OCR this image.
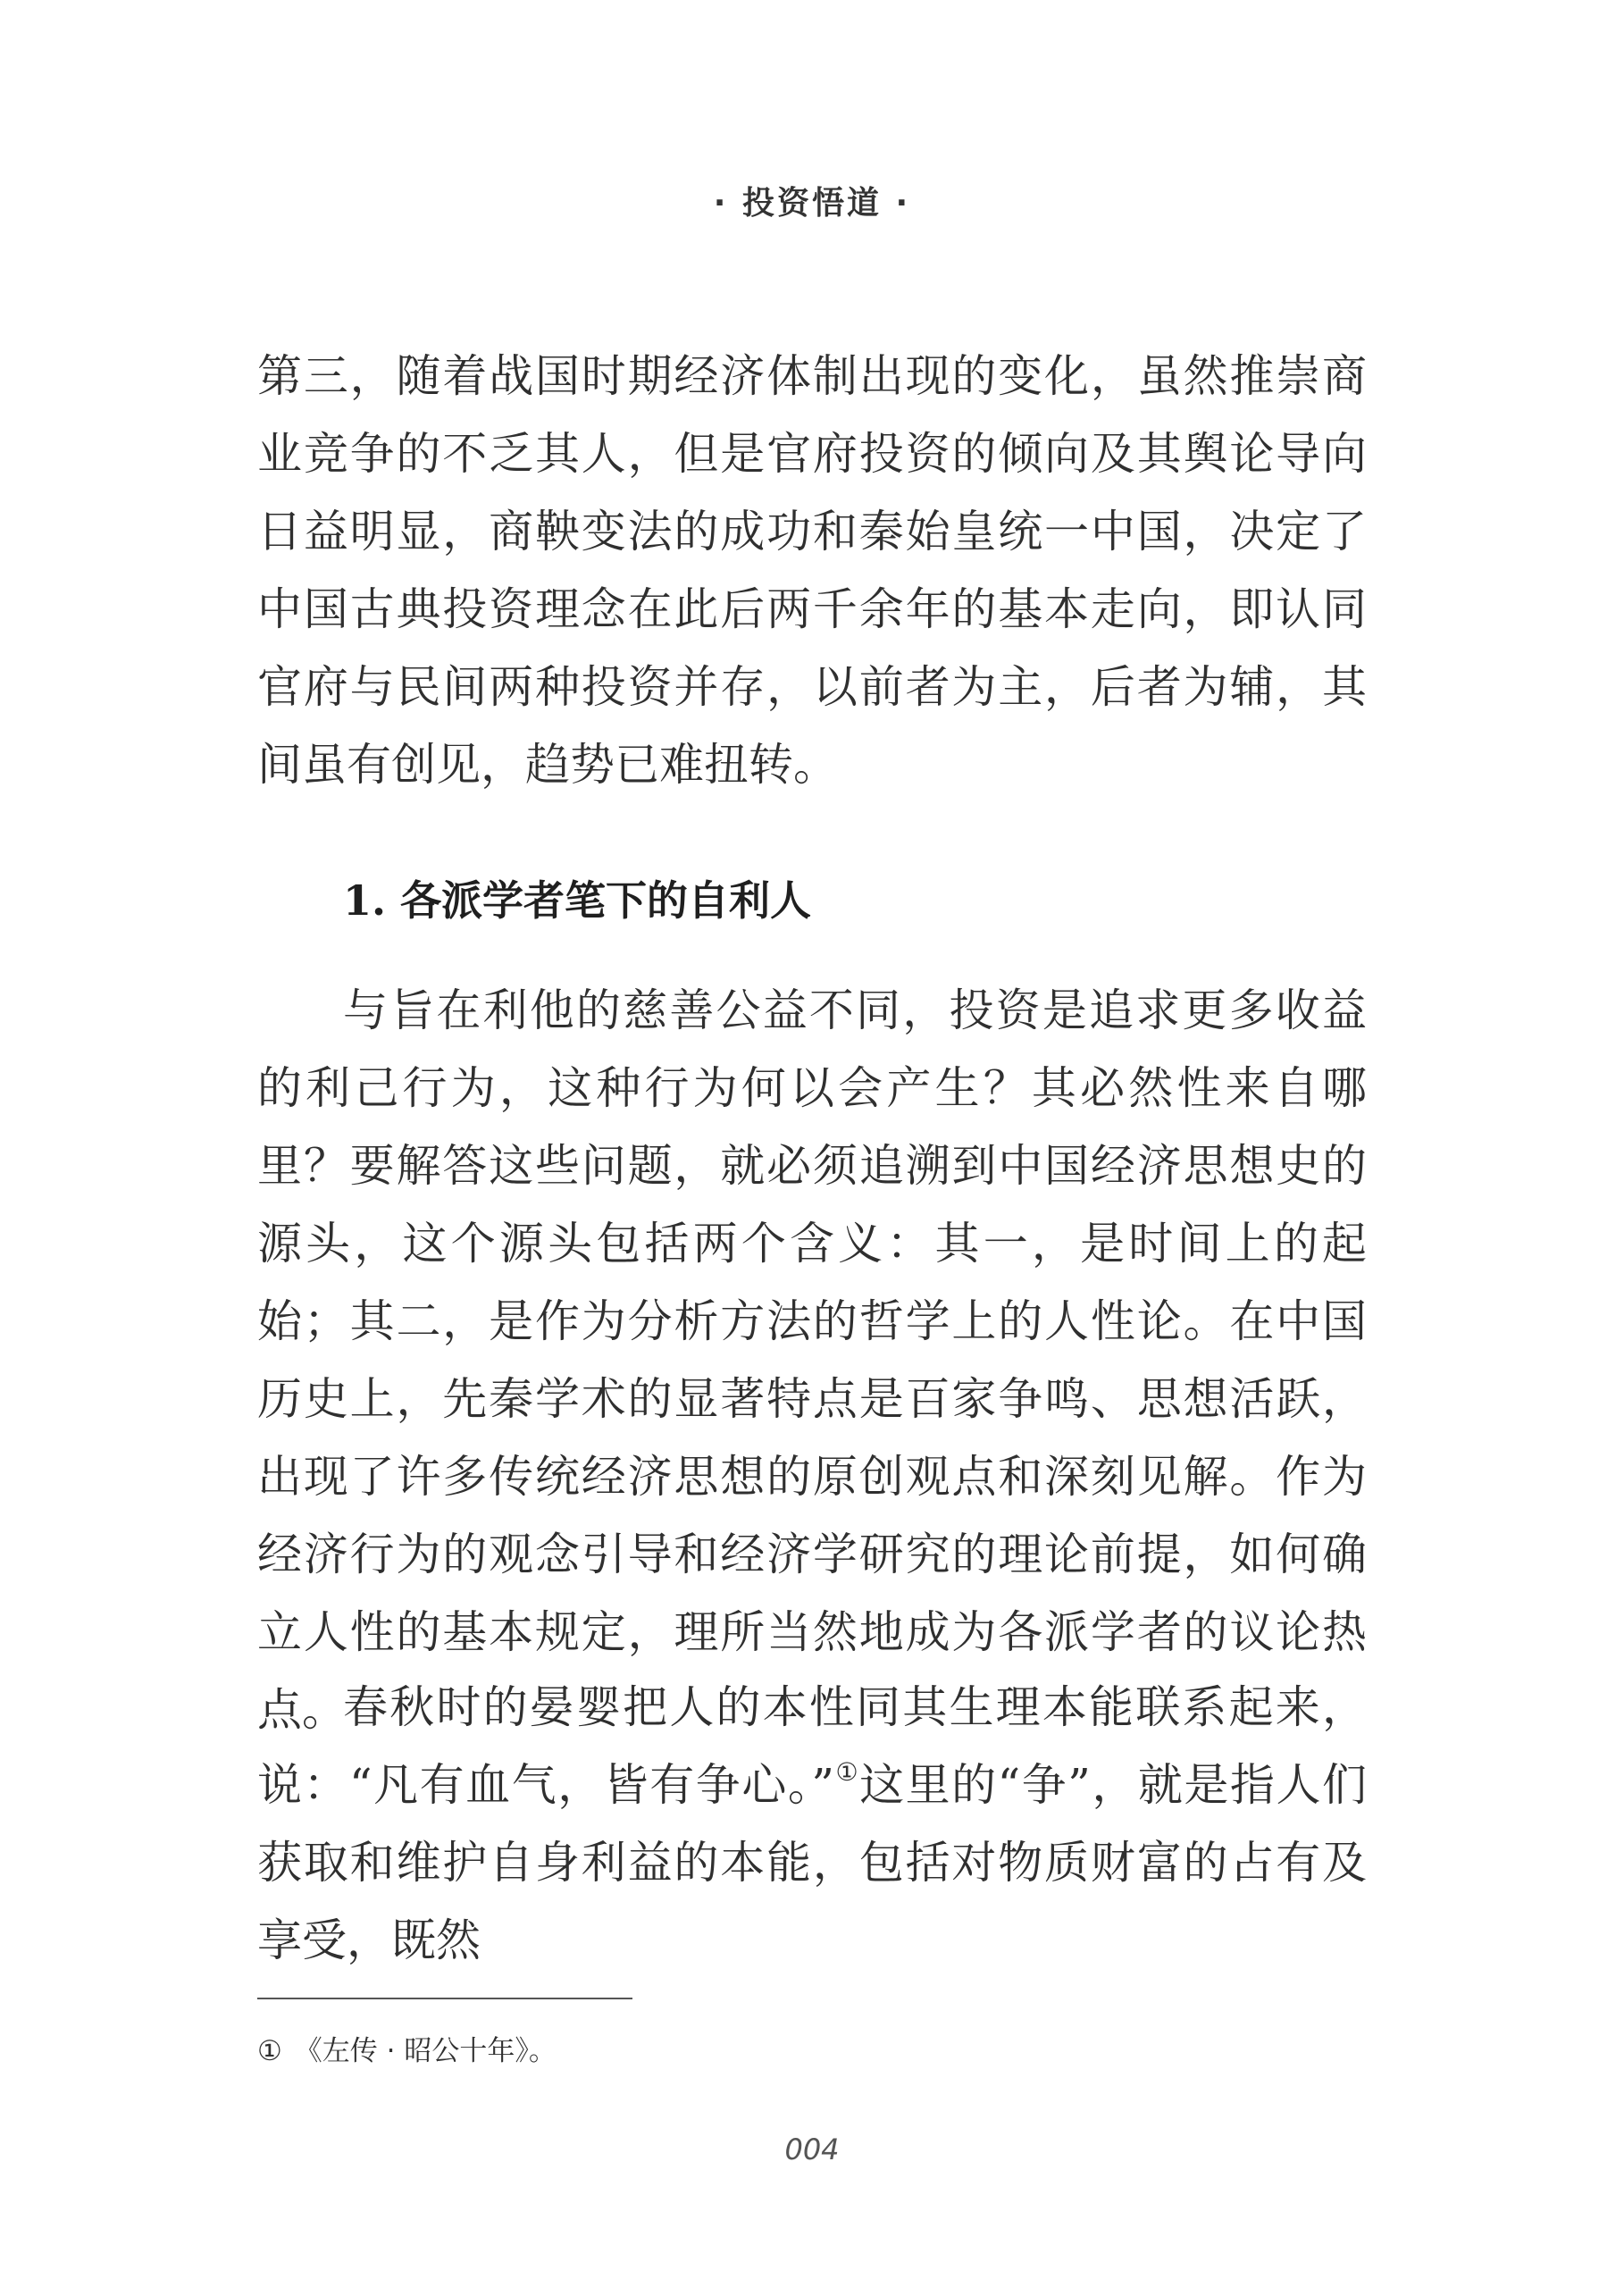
· 投资悟道 ·

第三，随着战国时期经济体制出现的变化，虽然推崇商业竞争的不乏其人，但是官府投资的倾向及其舆论导向日益明显，商鞅变法的成功和秦始皇统一中国，决定了中国古典投资理念在此后两千余年的基本走向，即认同官府与民间两种投资并存，以前者为主，后者为辅，其间虽有创见，趋势已难扭转。

1. 各派学者笔下的自利人

与旨在利他的慈善公益不同，投资是追求更多收益的利己行为，这种行为何以会产生？其必然性来自哪里？要解答这些问题，就必须追溯到中国经济思想史的源头，这个源头包括两个含义：其一，是时间上的起始；其二，是作为分析方法的哲学上的人性论。在中国历史上，先秦学术的显著特点是百家争鸣、思想活跃，出现了许多传统经济思想的原创观点和深刻见解。作为经济行为的观念引导和经济学研究的理论前提，如何确立人性的基本规定，理所当然地成为各派学者的议论热点。

春秋时的晏婴把人的本性同其生理本能联系起来，说：“凡有血气，皆有争心。”①这里的“争”，就是指人们获取和维护自身利益的本能，包括对物质财富的占有及享受，既然

① 《左传 · 昭公十年》。
004
